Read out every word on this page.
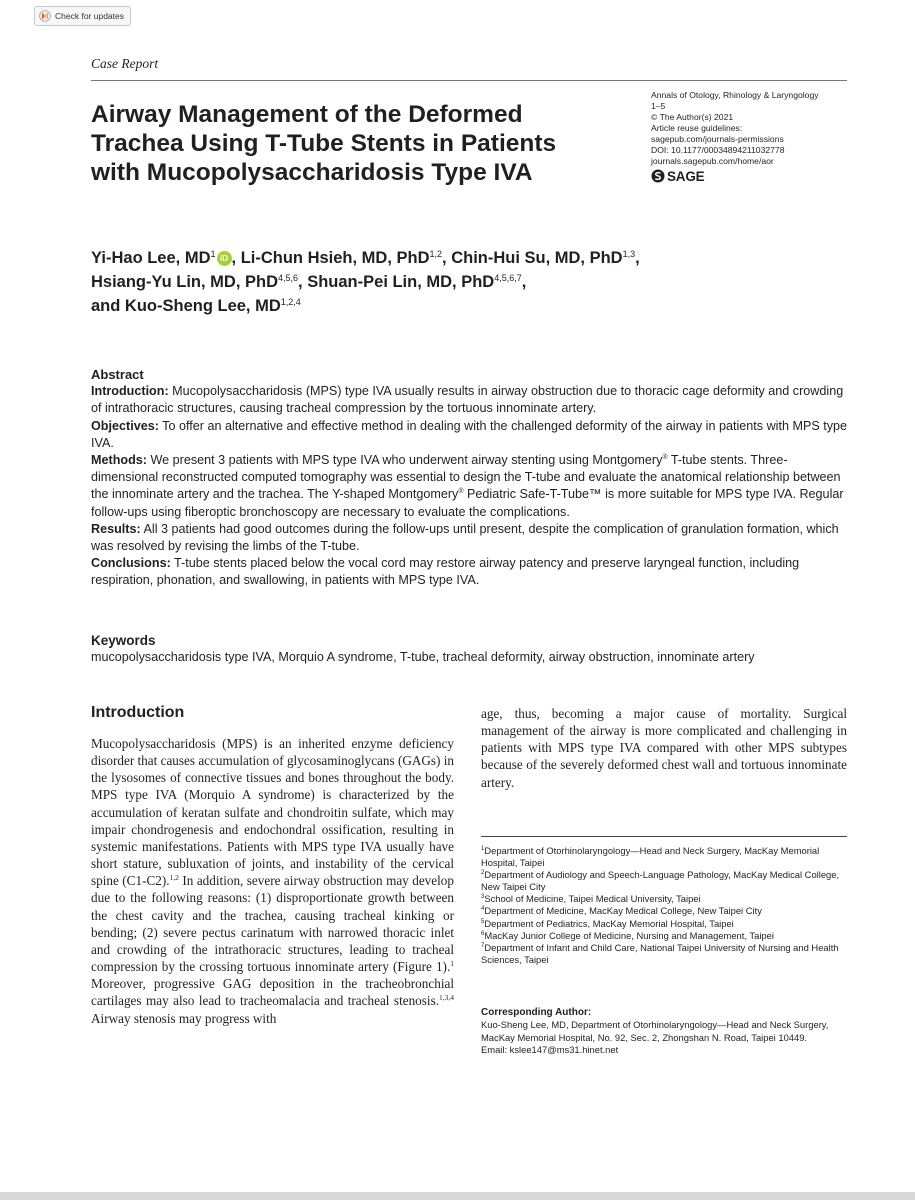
Check for updates
Case Report
Airway Management of the Deformed
Trachea Using T-Tube Stents in Patients
with Mucopolysaccharidosis Type IVA
Annals of Otology, Rhinology & Laryngology
1–5
© The Author(s) 2021
Article reuse guidelines:
sagepub.com/journals-permissions
DOI: 10.1177/00034894211032778
journals.sagepub.com/home/aor
SAGE
Yi-Hao Lee, $MD^1$ iD , Li-Chun Hsieh, MD, PhD$^{1,2}$, Chin-Hui Su, MD, PhD$^{1,3}$,
Hsiang-Yu Lin, MD, PhD$^{4,5,6}$, Shuan-Pei Lin, MD, PhD$^{4,5,6,7}$,
and Kuo-Sheng Lee, MD$^{1,2,4}$
Abstract

Introduction: Mucopolysaccharidosis (MPS) type IVA usually results in airway obstruction due to thoracic cage deformity and crowding of intrathoracic structures, causing tracheal compression by the tortuous innominate artery.

Objectives: To offer an alternative and effective method in dealing with the challenged deformity of the airway in patients with MPS type IVA.

Methods: We present 3 patients with MPS type IVA who underwent airway stenting using Montgomery® T-tube stents. Three-dimensional reconstructed computed tomography was essential to design the T-tube and evaluate the anatomical relationship between the innominate artery and the trachea. The Y-shaped Montgomery® Pediatric Safe-T-Tube™ is more suitable for MPS type IVA. Regular follow-ups using fiberoptic bronchoscopy are necessary to evaluate the complications.

Results: All 3 patients had good outcomes during the follow-ups until present, despite the complication of granulation formation, which was resolved by revising the limbs of the T-tube.

Conclusions: T-tube stents placed below the vocal cord may restore airway patency and preserve laryngeal function, including respiration, phonation, and swallowing, in patients with MPS type IVA.

Keywords
mucopolysaccharidosis type IVA, Morquio A syndrome, T-tube, tracheal deformity, airway obstruction, innominate artery
Introduction
Mucopolysaccharidosis (MPS) is an inherited enzyme deficiency disorder that causes accumulation of glycosaminoglycans (GAGs) in the lysosomes of connective tissues and bones throughout the body. MPS type IVA (Morquio A syndrome) is characterized by the accumulation of keratan sulfate and chondroitin sulfate, which may impair chondrogenesis and endochondral ossification, resulting in systemic manifestations. Patients with MPS type IVA usually have short stature, subluxation of joints, and instability of the cervical spine (C1-C2).$^{1,2}$ In addition, severe airway obstruction may develop due to the following reasons: (1) disproportionate growth between the chest cavity and the trachea, causing tracheal kinking or bending; (2) severe pectus carinatum with narrowed thoracic inlet and crowding of the intrathoracic structures, leading to tracheal compression by the crossing tortuous innominate artery (Figure 1).$^1$ Moreover, progressive GAG deposition in the tracheobronchial cartilages may also lead to tracheomalacia and tracheal stenosis.$^{1,3,4}$ Airway stenosis may progress with
age, thus, becoming a major cause of mortality. Surgical management of the airway is more complicated and challenging in patients with MPS type IVA compared with other MPS subtypes because of the severely deformed chest wall and tortuous innominate artery.
$^1$Department of Otorhinolaryngology—Head and Neck Surgery, MacKay Memorial Hospital, Taipei
$^2$Department of Audiology and Speech-Language Pathology, MacKay Medical College, New Taipei City
$^3$School of Medicine, Taipei Medical University, Taipei
$^4$Department of Medicine, MacKay Medical College, New Taipei City
$^5$Department of Pediatrics, MacKay Memorial Hospital, Taipei
$^6$MacKay Junior College of Medicine, Nursing and Management, Taipei
$^7$Department of Infant and Child Care, National Taipei University of Nursing and Health Sciences, Taipei
Corresponding Author:
Kuo-Sheng Lee, MD, Department of Otorhinolaryngology—Head and Neck Surgery, MacKay Memorial Hospital, No. 92, Sec. 2, Zhongshan N. Road, Taipei 10449.
Email: kslee147@ms31.hinet.net
